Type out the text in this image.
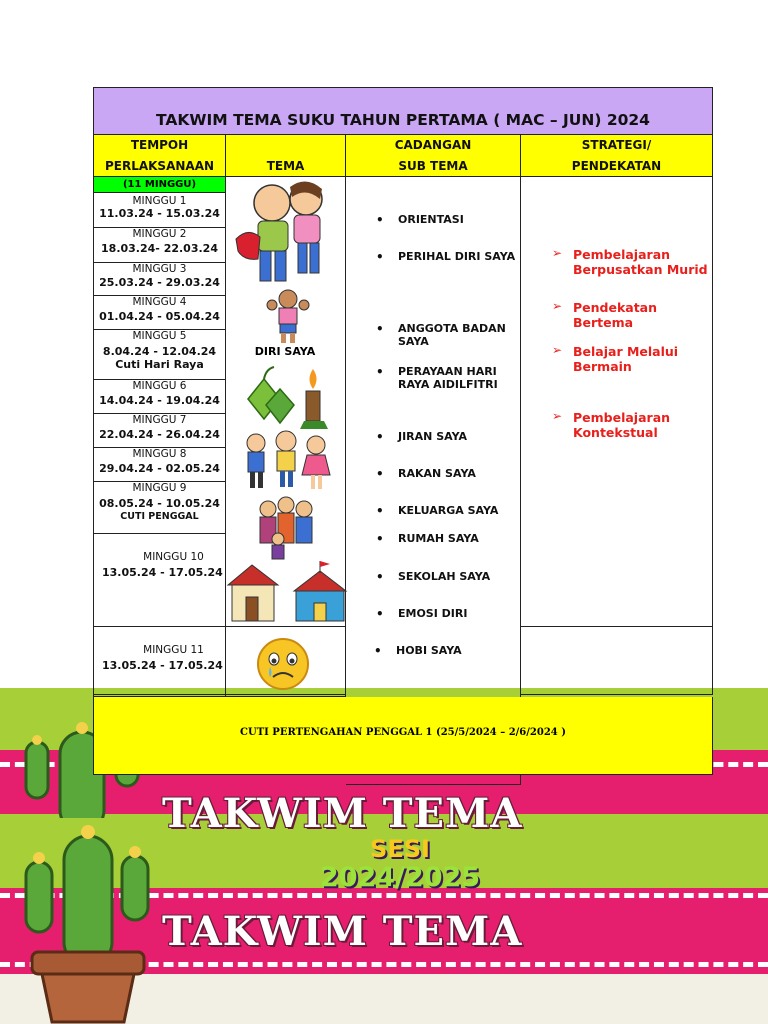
TAKWIM TEMA
TAKWIM TEMA
SESI
2024/2025
TAKWIM TEMA SUKU TAHUN PERTAMA ( MAC – JUN) 2024
TEMPOH
PERLAKSANAAN	TEMA
CADANGAN
SUB TEMA
STRATEGI/
PENDEKATAN
(11 MINGGU)
MINGGU 1
11.03.24 - 15.03.24
MINGGU 2
18.03.24- 22.03.24
MINGGU 3
25.03.24 - 29.03.24
MINGGU 4
01.04.24 - 05.04.24
MINGGU 5
8.04.24 - 12.04.24
Cuti Hari Raya
MINGGU 6
14.04.24 - 19.04.24
MINGGU 7
22.04.24 - 26.04.24
MINGGU 8
29.04.24 - 02.05.24
MINGGU 9
08.05.24 - 10.05.24
CUTI PENGGAL
MINGGU 10
13.05.24 - 17.05.24
MINGGU 11
13.05.24 - 17.05.24
DIRI SAYA
• ORIENTASI
• PERIHAL DIRI SAYA
• ANGGOTA BADAN SAYA
• PERAYAAN HARI RAYA AIDILFITRI
• JIRAN SAYA
• RAKAN SAYA
• KELUARGA SAYA
• RUMAH SAYA
• SEKOLAH SAYA
• EMOSI DIRI
• HOBI SAYA
➢ Pembelajaran Berpusatkan Murid
➢ Pendekatan Bertema
➢ Belajar Melalui Bermain
➢ Pembelajaran Kontekstual
CUTI PERTENGAHAN PENGGAL 1 (25/5/2024 – 2/6/2024 )
